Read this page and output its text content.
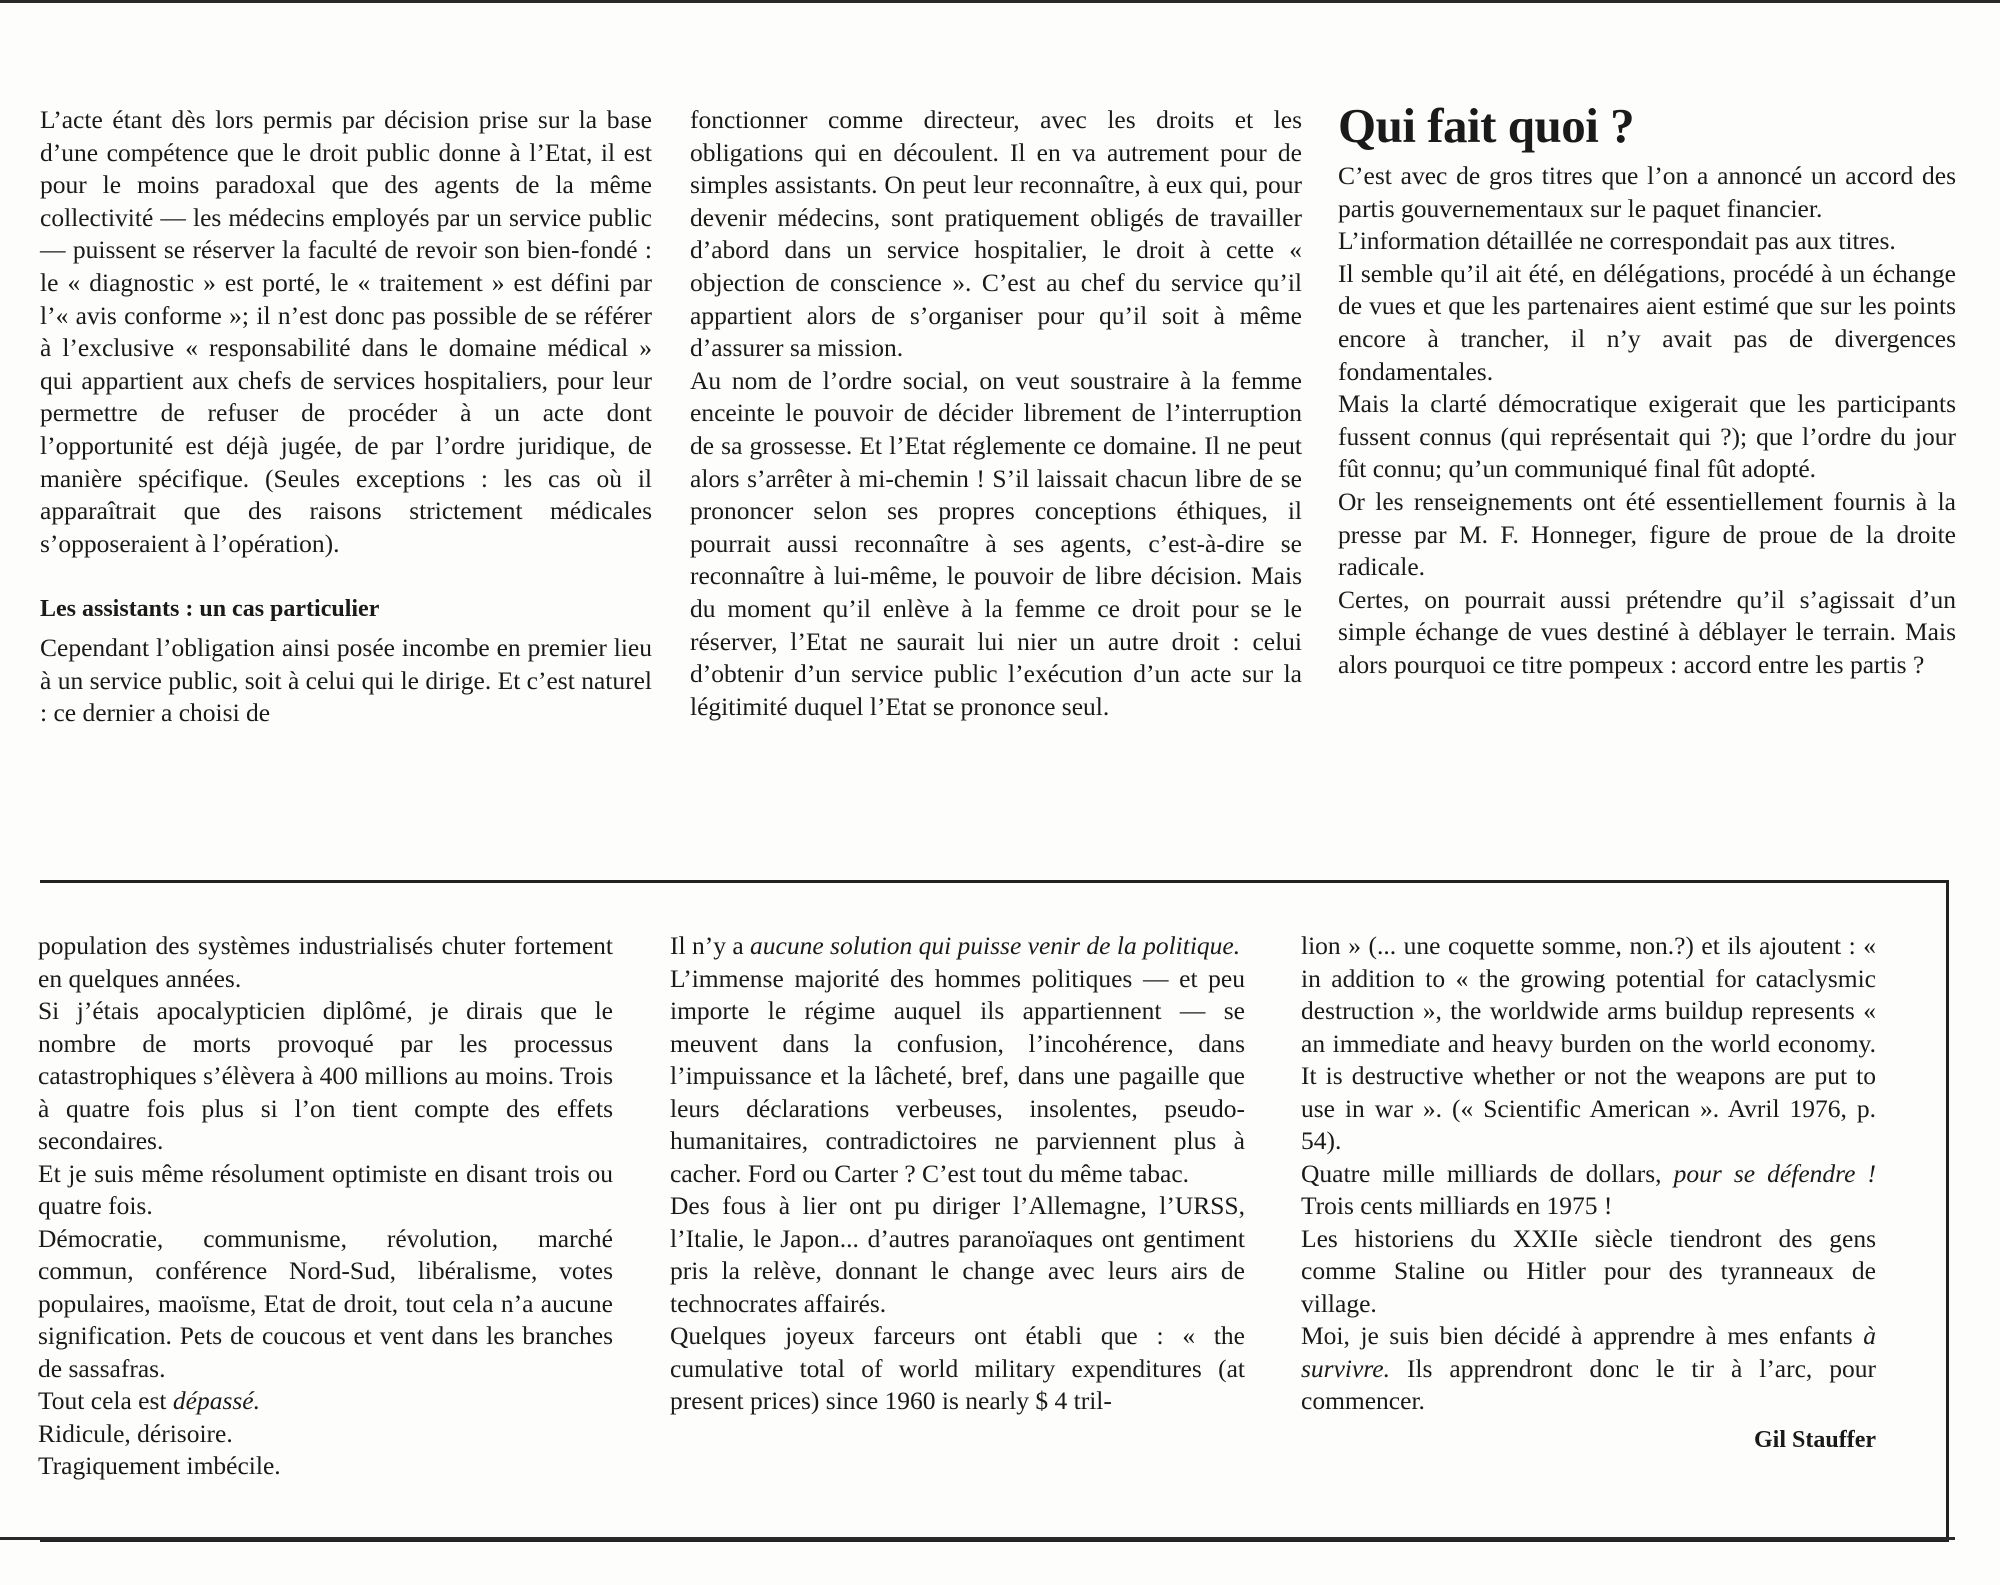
L’acte étant dès lors permis par décision prise sur la base d’une compétence que le droit public donne à l’Etat, il est pour le moins paradoxal que des agents de la même collectivité — les médecins employés par un service public — puissent se réserver la faculté de revoir son bien-fondé : le « diagnostic » est porté, le « traitement » est défini par l’« avis conforme »; il n’est donc pas possible de se référer à l’exclusive « responsabilité dans le domaine médical » qui appartient aux chefs de services hospitaliers, pour leur permettre de refuser de procéder à un acte dont l’opportunité est déjà jugée, de par l’ordre juridique, de manière spécifique. (Seules exceptions : les cas où il apparaîtrait que des raisons strictement médicales s’opposeraient à l’opération).

Les assistants : un cas particulier

Cependant l’obligation ainsi posée incombe en premier lieu à un service public, soit à celui qui le dirige. Et c’est naturel : ce dernier a choisi de

fonctionner comme directeur, avec les droits et les obligations qui en découlent. Il en va autrement pour de simples assistants. On peut leur reconnaître, à eux qui, pour devenir médecins, sont pratiquement obligés de travailler d’abord dans un service hospitalier, le droit à cette « objection de conscience ». C’est au chef du service qu’il appartient alors de s’organiser pour qu’il soit à même d’assurer sa mission.

Au nom de l’ordre social, on veut soustraire à la femme enceinte le pouvoir de décider librement de l’interruption de sa grossesse. Et l’Etat réglemente ce domaine. Il ne peut alors s’arrêter à mi-chemin ! S’il laissait chacun libre de se prononcer selon ses propres conceptions éthiques, il pourrait aussi reconnaître à ses agents, c’est-à-dire se reconnaître à lui-même, le pouvoir de libre décision. Mais du moment qu’il enlève à la femme ce droit pour se le réserver, l’Etat ne saurait lui nier un autre droit : celui d’obtenir d’un service public l’exécution d’un acte sur la légitimité duquel l’Etat se prononce seul.

Qui fait quoi ?

C’est avec de gros titres que l’on a annoncé un accord des partis gouvernementaux sur le paquet financier.

L’information détaillée ne correspondait pas aux titres.

Il semble qu’il ait été, en délégations, procédé à un échange de vues et que les partenaires aient estimé que sur les points encore à trancher, il n’y avait pas de divergences fondamentales.

Mais la clarté démocratique exigerait que les participants fussent connus (qui représentait qui ?); que l’ordre du jour fût connu; qu’un communiqué final fût adopté.

Or les renseignements ont été essentiellement fournis à la presse par M. F. Honneger, figure de proue de la droite radicale.

Certes, on pourrait aussi prétendre qu’il s’agissait d’un simple échange de vues destiné à déblayer le terrain. Mais alors pourquoi ce titre pompeux : accord entre les partis ?

population des systèmes industrialisés chuter fortement en quelques années.

Si j’étais apocalypticien diplômé, je dirais que le nombre de morts provoqué par les processus catastrophiques s’élèvera à 400 millions au moins. Trois à quatre fois plus si l’on tient compte des effets secondaires.

Et je suis même résolument optimiste en disant trois ou quatre fois.

Démocratie, communisme, révolution, marché commun, conférence Nord-Sud, libéralisme, votes populaires, maoïsme, Etat de droit, tout cela n’a aucune signification. Pets de coucous et vent dans les branches de sassafras.

Tout cela est dépassé.

Ridicule, dérisoire.

Tragiquement imbécile.

Il n’y a aucune solution qui puisse venir de la politique.

L’immense majorité des hommes politiques — et peu importe le régime auquel ils appartiennent — se meuvent dans la confusion, l’incohérence, dans l’impuissance et la lâcheté, bref, dans une pagaille que leurs déclarations verbeuses, insolentes, pseudo-humanitaires, contradictoires ne parviennent plus à cacher. Ford ou Carter ? C’est tout du même tabac.

Des fous à lier ont pu diriger l’Allemagne, l’URSS, l’Italie, le Japon... d’autres paranoïaques ont gentiment pris la relève, donnant le change avec leurs airs de technocrates affairés.

Quelques joyeux farceurs ont établi que : « the cumulative total of world military expenditures (at present prices) since 1960 is nearly $ 4 tril-

lion » (... une coquette somme, non.?) et ils ajoutent : « in addition to « the growing potential for cataclysmic destruction », the worldwide arms buildup represents « an immediate and heavy burden on the world economy. It is destructive whether or not the weapons are put to use in war ». (« Scientific American ». Avril 1976, p. 54).

Quatre mille milliards de dollars, pour se défendre ! Trois cents milliards en 1975 !

Les historiens du XXIIe siècle tiendront des gens comme Staline ou Hitler pour des tyranneaux de village.

Moi, je suis bien décidé à apprendre à mes enfants à survivre. Ils apprendront donc le tir à l’arc, pour commencer.

Gil Stauffer
